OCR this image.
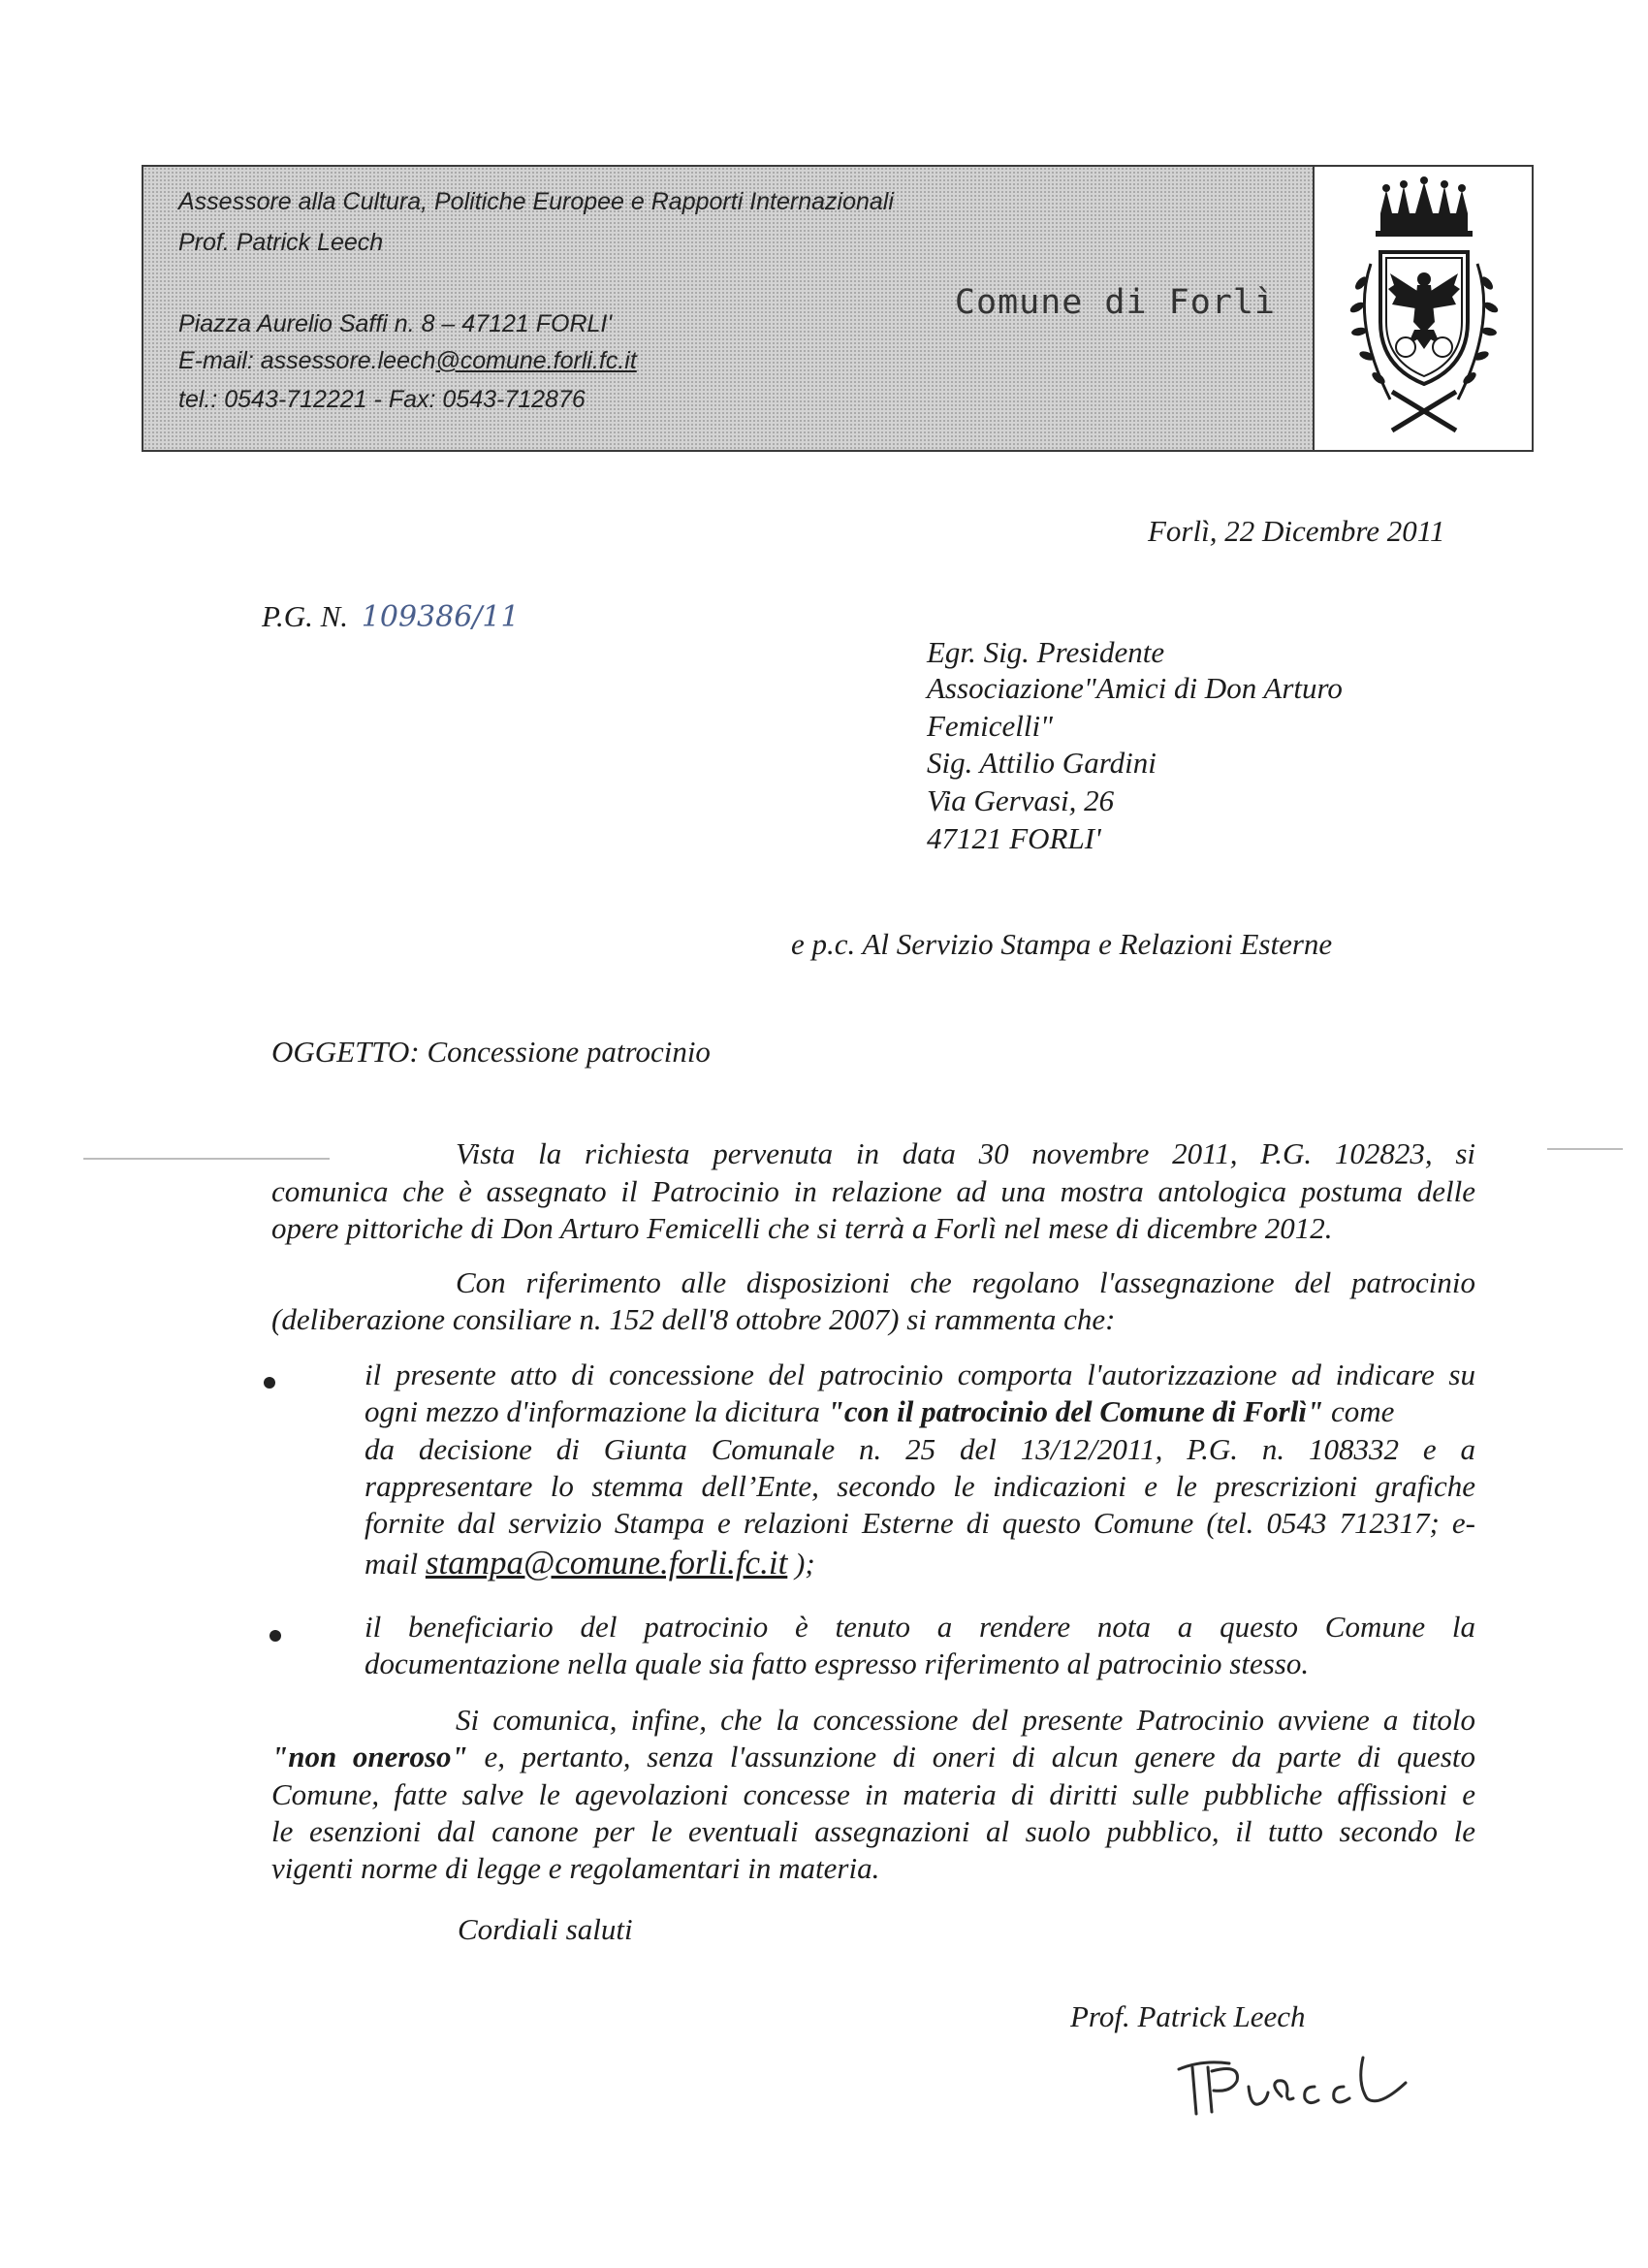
Assessore alla Cultura, Politiche Europee e Rapporti Internazionali
Prof. Patrick Leech
Piazza Aurelio Saffi n. 8 – 47121 FORLI'
E-mail: assessore.leech@comune.forli.fc.it
tel.: 0543-712221 - Fax: 0543-712876
Comune di Forlì
Forlì, 22 Dicembre 2011
P.G. N. 109386/11
Egr. Sig. Presidente
Associazione"Amici di Don Arturo
Femicelli"
Sig. Attilio Gardini
Via Gervasi, 26
47121 FORLI'
e p.c. Al Servizio Stampa e Relazioni Esterne
OGGETTO: Concessione patrocinio
Vista la richiesta pervenuta in data 30 novembre 2011, P.G. 102823, si
comunica che è assegnato il Patrocinio in relazione ad una mostra antologica postuma delle
opere pittoriche di Don Arturo Femicelli che si terrà a Forlì nel mese di dicembre 2012.
Con riferimento alle disposizioni che regolano l'assegnazione del patrocinio
(deliberazione consiliare n. 152 dell'8 ottobre 2007) si rammenta che:
il presente atto di concessione del patrocinio comporta l'autorizzazione ad indicare su
ogni mezzo d'informazione la dicitura "con il patrocinio del Comune di Forlì" come
da decisione di Giunta Comunale n. 25 del 13/12/2011, P.G. n. 108332 e a
rappresentare lo stemma dell’Ente, secondo le indicazioni e le prescrizioni grafiche
fornite dal servizio Stampa e relazioni Esterne di questo Comune (tel. 0543 712317; e-
mail stampa@comune.forli.fc.it );
il beneficiario del patrocinio è tenuto a rendere nota a questo Comune la
documentazione nella quale sia fatto espresso riferimento al patrocinio stesso.
Si comunica, infine, che la concessione del presente Patrocinio avviene a titolo
"non oneroso" e, pertanto, senza l'assunzione di oneri di alcun genere da parte di questo
Comune, fatte salve le agevolazioni concesse in materia di diritti sulle pubbliche affissioni e
le esenzioni dal canone per le eventuali assegnazioni al suolo pubblico, il tutto secondo le
vigenti norme di legge e regolamentari in materia.
Cordiali saluti
Prof. Patrick Leech
